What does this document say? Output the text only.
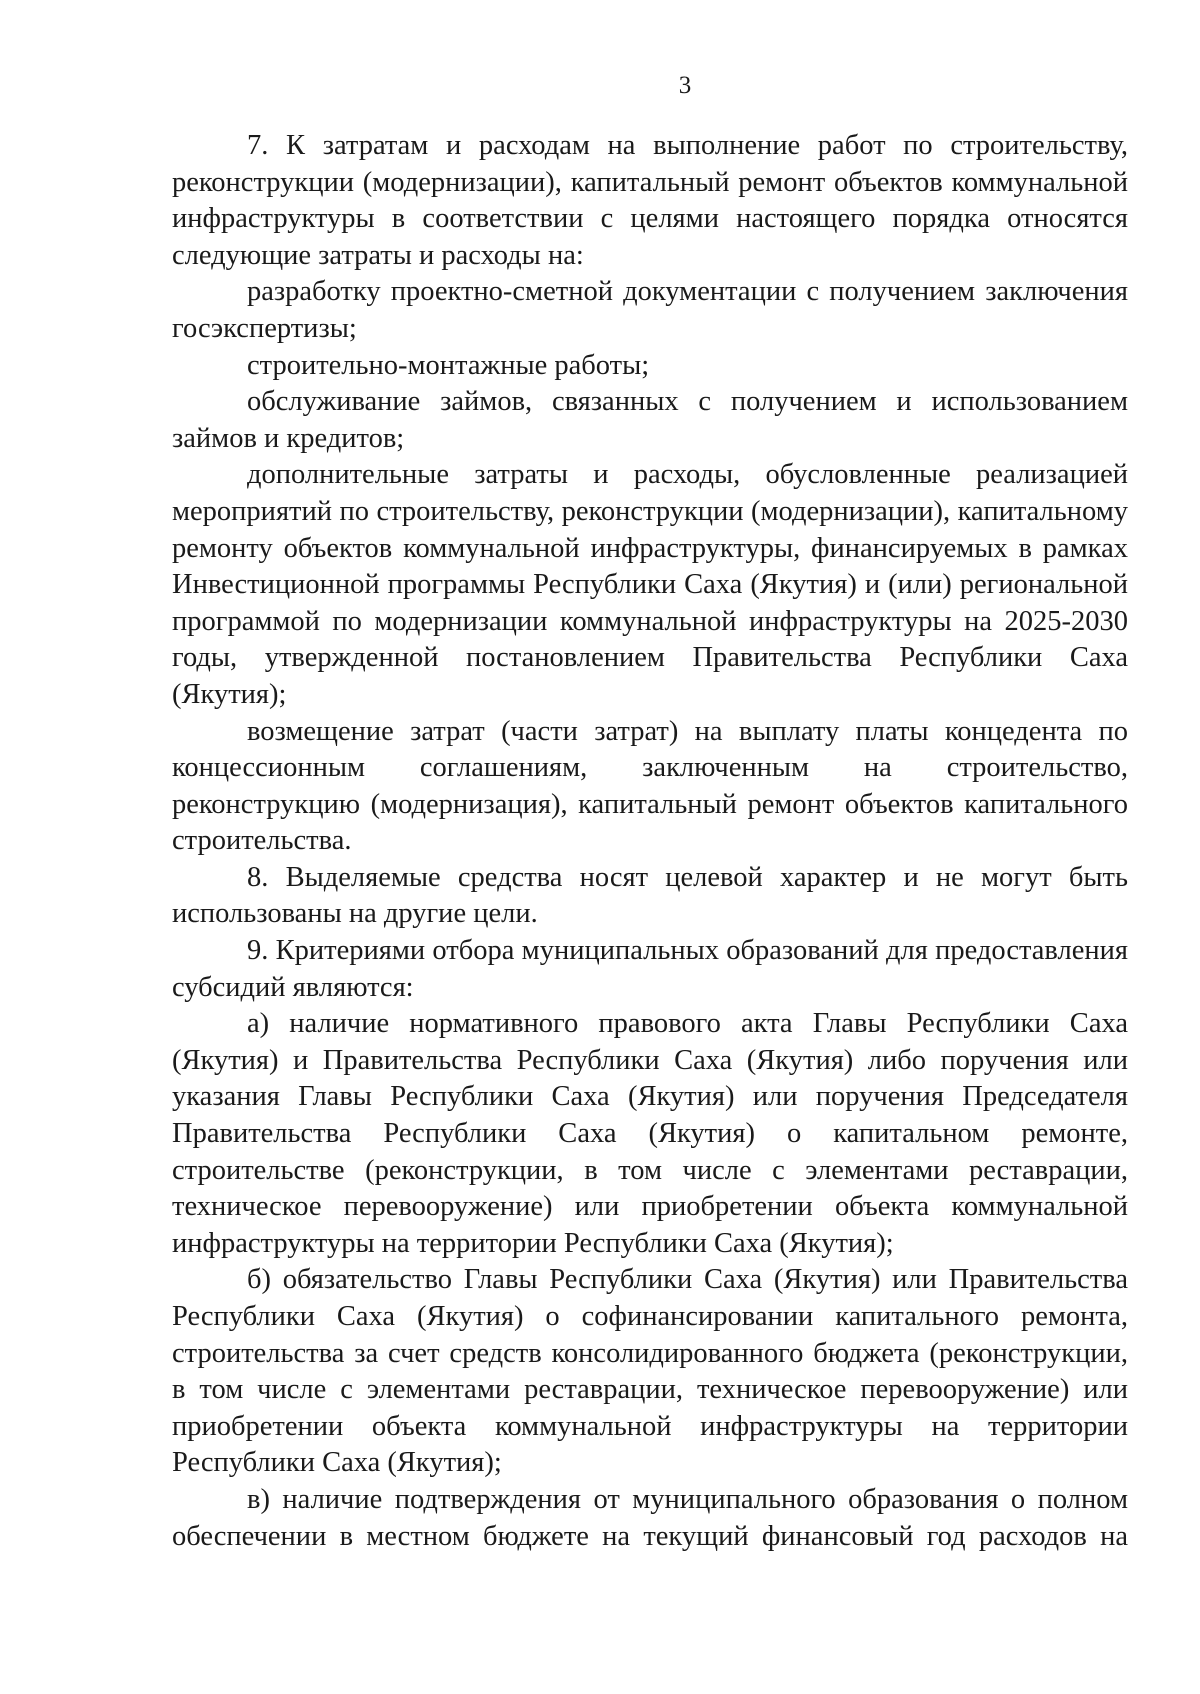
3

7. К затратам и расходам на выполнение работ по строительству, реконструкции (модернизации), капитальный ремонт объектов коммунальной инфраструктуры в соответствии с целями настоящего порядка относятся следующие затраты и расходы на:

разработку проектно-сметной документации с получением заключения госэкспертизы;

строительно-монтажные работы;

обслуживание займов, связанных с получением и использованием займов и кредитов;

дополнительные затраты и расходы, обусловленные реализацией мероприятий по строительству, реконструкции (модернизации), капитальному ремонту объектов коммунальной инфраструктуры, финансируемых в рамках Инвестиционной программы Республики Саха (Якутия) и (или) региональной программой по модернизации коммунальной инфраструктуры на 2025-2030 годы, утвержденной постановлением Правительства Республики Саха (Якутия);

возмещение затрат (части затрат) на выплату платы концедента по концессионным соглашениям, заключенным на строительство, реконструкцию (модернизация), капитальный ремонт объектов капитального строительства.

8. Выделяемые средства носят целевой характер и не могут быть использованы на другие цели.

9. Критериями отбора муниципальных образований для предоставления субсидий являются:

а) наличие нормативного правового акта Главы Республики Саха (Якутия) и Правительства Республики Саха (Якутия) либо поручения или указания Главы Республики Саха (Якутия) или поручения Председателя Правительства Республики Саха (Якутия) о капитальном ремонте, строительстве (реконструкции, в том числе с элементами реставрации, техническое перевооружение) или приобретении объекта коммунальной инфраструктуры на территории Республики Саха (Якутия);

б) обязательство Главы Республики Саха (Якутия) или Правительства Республики Саха (Якутия) о софинансировании капитального ремонта, строительства за счет средств консолидированного бюджета (реконструкции, в том числе с элементами реставрации, техническое перевооружение) или приобретении объекта коммунальной инфраструктуры на территории Республики Саха (Якутия);

в) наличие подтверждения от муниципального образования о полном обеспечении в местном бюджете на текущий финансовый год расходов на
